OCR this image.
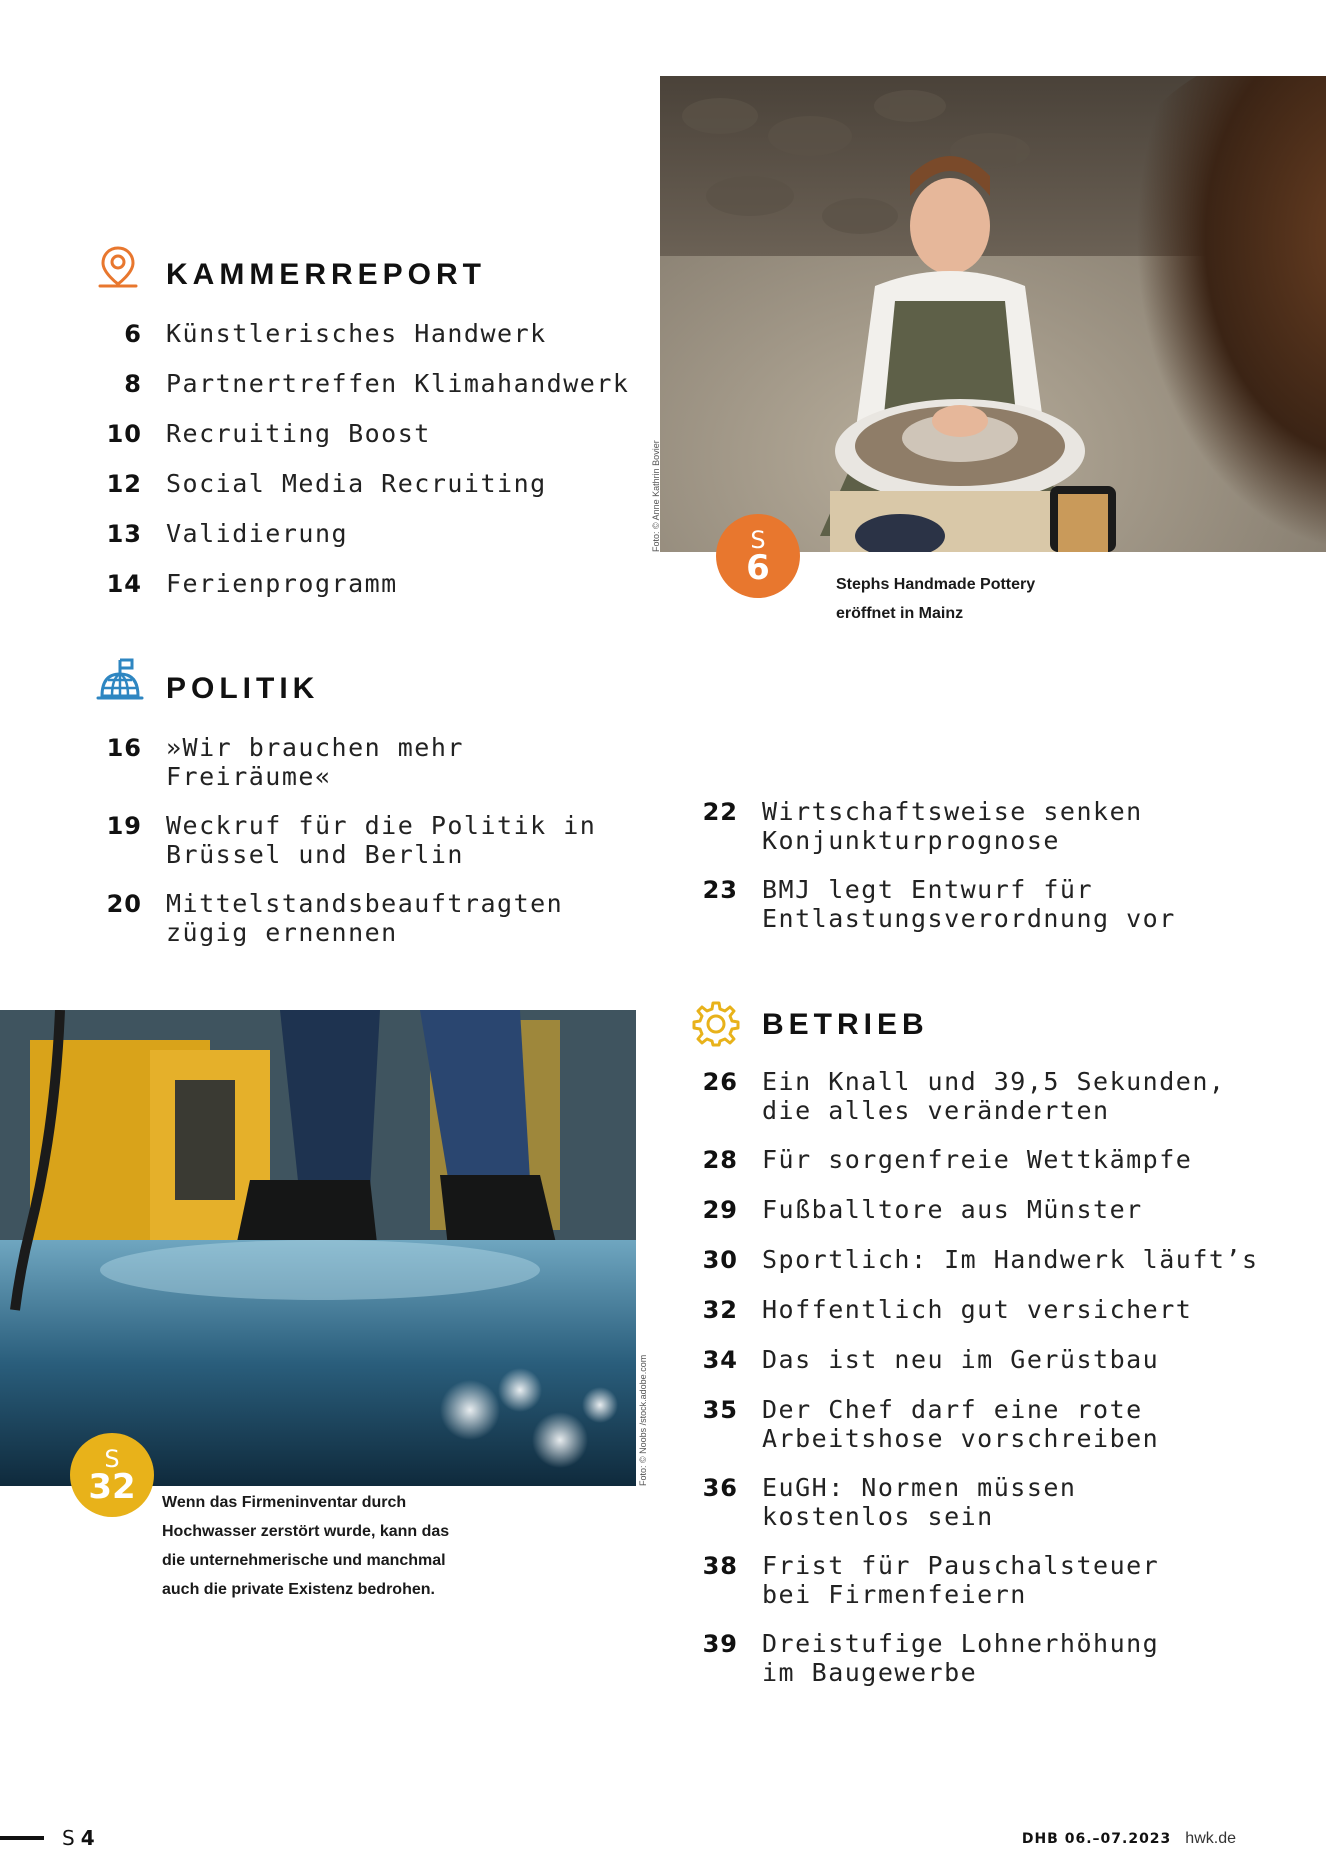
KAMMERREPORT
6 Künstlerisches Handwerk
8 Partnertreffen Klimahandwerk
10 Recruiting Boost
12 Social Media Recruiting
13 Validierung
14 Ferienprogramm
Foto: © Anne Kathrin Bovier	S
6	Stephs Handmade Pottery
eröffnet in Mainz
POLITIK
16 »Wir brauchen mehr
Freiräume«
19 Weckruf für die Politik in
Brüssel und Berlin
20 Mittelstandsbeauftragten
zügig ernennen
22 Wirtschaftsweise senken
Konjunkturprognose
23 BMJ legt Entwurf für
Entlastungsverordnung vor
Foto: © Noobs /stock.adobe.com
S
32	Wenn das Firmeninventar durch
Hochwasser zerstört wurde, kann das
die unternehmerische und manchmal
auch die private Existenz bedrohen.
BETRIEB
26 Ein Knall und 39,5 Sekunden,
die alles veränderten
28 Für sorgenfreie Wettkämpfe
29 Fußballtore aus Münster
30 Sportlich: Im Handwerk läuft’s
32 Hoffentlich gut versichert
34 Das ist neu im Gerüstbau
35 Der Chef darf eine rote
Arbeitshose vorschreiben
36 EuGH: Normen müssen
kostenlos sein
38 Frist für Pauschalsteuer
bei Firmenfeiern
39 Dreistufige Lohnerhöhung
im Baugewerbe
S 4	DHB 06.–07.2023 hwk.de
